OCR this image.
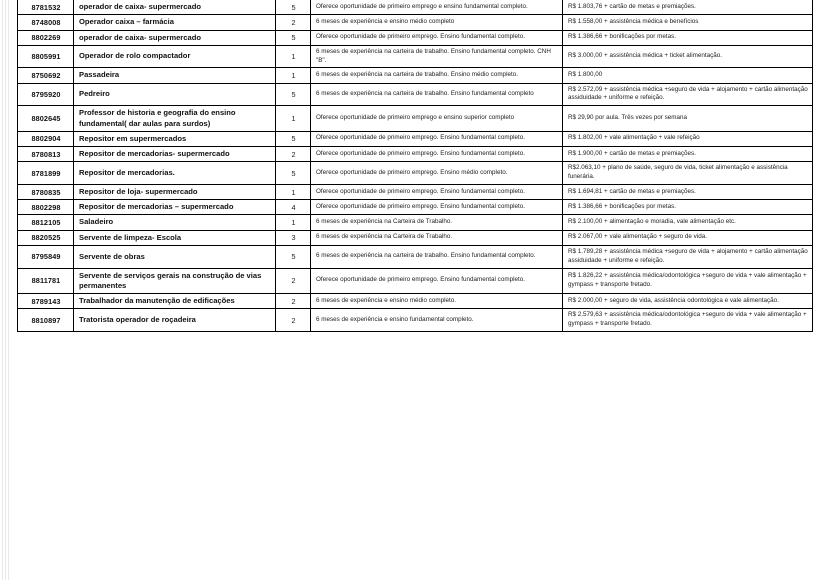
8781532	operador de caixa- supermercado	5	Oferece oportunidade de primeiro emprego e ensino fundamental completo.	R$ 1.803,76 + cartão de metas e premiações.
8748008	Operador caixa – farmácia	2	6 meses de experiência e ensino médio completo	R$ 1.558,00 + assistência médica e benefícios
8802269	operador de caixa- supermercado	5	Oferece oportunidade de primeiro emprego. Ensino fundamental completo.	R$ 1.386,66 + bonificações por metas.
8805991	Operador de rolo compactador	1	6 meses de experiência na carteira de trabalho. Ensino fundamental completo. CNH "B".	R$ 3.000,00 + assistência médica + ticket alimentação.
8750692	Passadeira	1	6 meses de experiência na carteira de trabalho. Ensino médio completo.	R$ 1.800,00
8795920	Pedreiro	5	6 meses de experiência na carteira de trabalho. Ensino fundamental completo	R$ 2.572,09 + assistência médica +seguro de vida + alojamento + cartão alimentação assiduidade + uniforme e refeição.
8802645	Professor de historia e geografia do ensino fundamental( dar aulas para surdos)	1	Oferece oportunidade de primeiro emprego e ensino superior completo	R$ 29,90 por aula. Três vezes por semana
8802904	Repositor em supermercados	5	Oferece oportunidade de primeiro emprego. Ensino fundamental completo.	R$ 1.802,00 + vale alimentação + vale refeição
8780813	Repositor de mercadorias- supermercado	2	Oferece oportunidade de primeiro emprego. Ensino fundamental completo.	R$ 1.900,00 + cartão de metas e premiações.
8781899	Repositor de mercadorias.	5	Oferece oportunidade de primeiro emprego. Ensino médio completo.	R$2.063,10 + plano de saúde, seguro de vida, ticket alimentação e assistência funerária.
8780835	Repositor de loja- supermercado	1	Oferece oportunidade de primeiro emprego. Ensino fundamental completo.	R$ 1.694,81 + cartão de metas e premiações.
8802298	Repositor de mercadorias – supermercado	4	Oferece oportunidade de primeiro emprego. Ensino fundamental completo.	R$ 1.386,66 + bonificações por metas.
8812105	Saladeiro	1	6 meses de experiência na Carteira de Trabalho.	R$ 2.100,00 + alimentação e moradia, vale alimentação etc.
8820525	Servente de limpeza- Escola	3	6 meses de experiência na Carteira de Trabalho.	R$ 2.067,00 + vale alimentação + seguro de vida.
8795849	Servente de obras	5	6 meses de experiência na carteira de trabalho. Ensino fundamental completo.	R$ 1.789,28 + assistência médica +seguro de vida + alojamento + cartão alimentação assiduidade + uniforme e refeição.
8811781	Servente de serviços gerais na construção de vias permanentes	2	Oferece oportunidade de primeiro emprego. Ensino fundamental completo.	R$ 1.826,22 + assistência médica/odontológica +seguro de vida + vale alimentação + gympass + transporte fretado.
8789143	Trabalhador da manutenção de edificações	2	6 meses de experiência e ensino médio completo.	R$ 2.000,00 + seguro de vida, assistência odontológica e vale alimentação.
8810897	Tratorista operador de roçadeira	2	6 meses de experiência e ensino fundamental completo.	R$ 2.579,63 + assistência médica/odontológica +seguro de vida + vale alimentação + gympass + transporte fretado.
